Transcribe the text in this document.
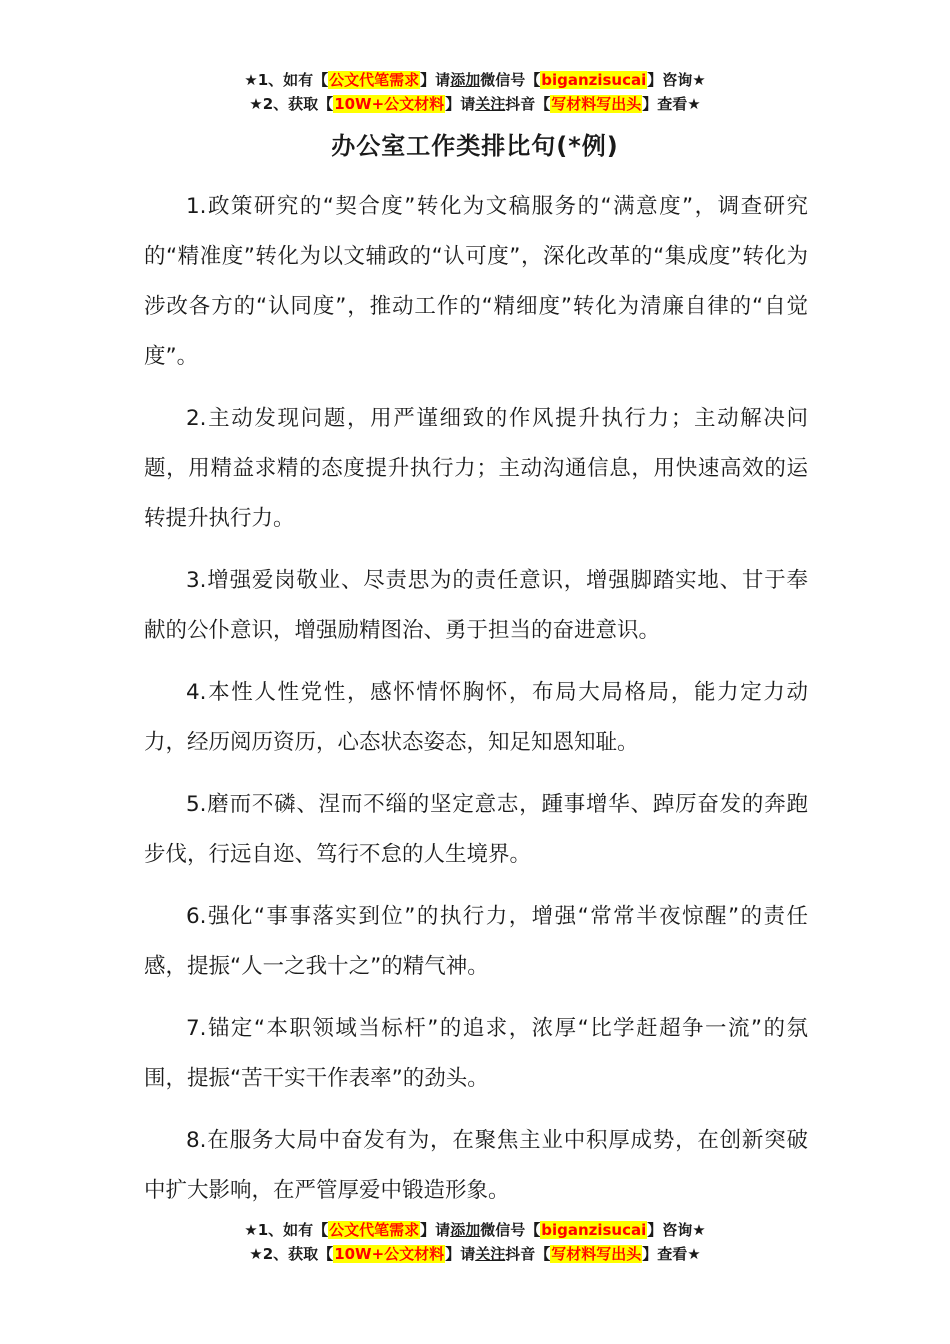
★1、如有【公文代笔需求】请添加微信号【biganzisucai】咨询★
★2、获取【10W+公文材料】请关注抖音【写材料写出头】查看★
办公室工作类排比句(*例)

1.政策研究的“契合度”转化为文稿服务的“满意度”，调查研究的“精准度”转化为以文辅政的“认可度”，深化改革的“集成度”转化为涉改各方的“认同度”，推动工作的“精细度”转化为清廉自律的“自觉度”。

2.主动发现问题，用严谨细致的作风提升执行力；主动解决问题，用精益求精的态度提升执行力；主动沟通信息，用快速高效的运转提升执行力。

3.增强爱岗敬业、尽责思为的责任意识，增强脚踏实地、甘于奉献的公仆意识，增强励精图治、勇于担当的奋进意识。

4.本性人性党性，感怀情怀胸怀，布局大局格局，能力定力动力，经历阅历资历，心态状态姿态，知足知恩知耻。

5.磨而不磷、涅而不缁的坚定意志，踵事增华、踔厉奋发的奔跑步伐，行远自迩、笃行不怠的人生境界。

6.强化“事事落实到位”的执行力，增强“常常半夜惊醒”的责任感，提振“人一之我十之”的精气神。

7.锚定“本职领域当标杆”的追求，浓厚“比学赶超争一流”的氛围，提振“苦干实干作表率”的劲头。

8.在服务大局中奋发有为，在聚焦主业中积厚成势，在创新突破中扩大影响，在严管厚爱中锻造形象。

★1、如有【公文代笔需求】请添加微信号【biganzisucai】咨询★
★2、获取【10W+公文材料】请关注抖音【写材料写出头】查看★
